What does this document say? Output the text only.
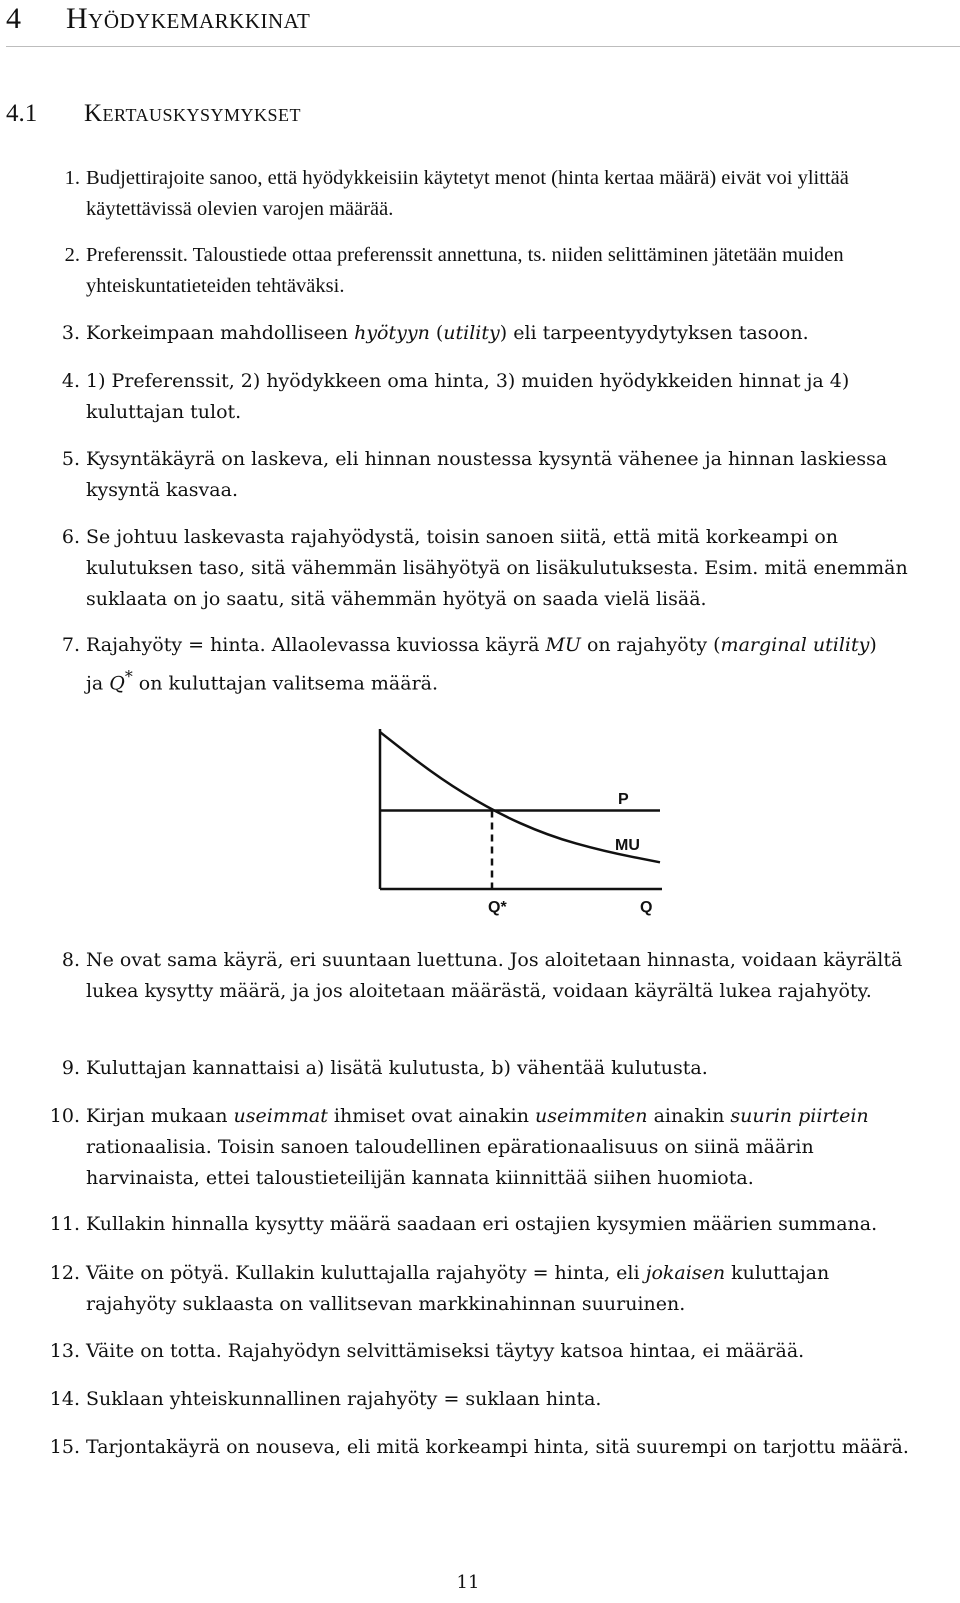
4 Hyödykemarkkinat
4.1 Kertauskysymykset
1. Budjettirajoite sanoo, että hyödykkeisiin käytetyt menot (hinta kertaa määrä) eivät voi ylittää käytettävissä olevien varojen määrää.
2. Preferenssit. Taloustiede ottaa preferenssit annettuna, ts. niiden selittäminen jätetään muiden yhteiskuntatieteiden tehtäväksi.
3. Korkeimpaan mahdolliseen hyötyyn (utility) eli tarpeentyydytyksen tasoon.
4. 1) Preferenssit, 2) hyödykkeen oma hinta, 3) muiden hyödykkeiden hinnat ja 4) kuluttajan tulot.
5. Kysyntäkäyrä on laskeva, eli hinnan noustessa kysyntä vähenee ja hinnan laskiessa kysyntä kasvaa.
6. Se johtuu laskevasta rajahyödystä, toisin sanoen siitä, että mitä korkeampi on kulutuksen taso, sitä vähemmän lisähyötyä on lisäkulutuksesta. Esim. mitä enemmän suklaata on jo saatu, sitä vähemmän hyötyä on saada vielä lisää.
7. Rajahyöty = hinta. Allaolevassa kuviossa käyrä MU on rajahyöty (marginal utility)
ja Q* on kuluttajan valitsema määrä.
P
MU
Q*	Q
8. Ne ovat sama käyrä, eri suuntaan luettuna. Jos aloitetaan hinnasta, voidaan käyrältä lukea kysytty määrä, ja jos aloitetaan määrästä, voidaan käyrältä lukea rajahyöty.
9. Kuluttajan kannattaisi a) lisätä kulutusta, b) vähentää kulutusta.
10. Kirjan mukaan useimmat ihmiset ovat ainakin useimmiten ainakin suurin piirtein rationaalisia. Toisin sanoen taloudellinen epärationaalisuus on siinä määrin harvinaista, ettei taloustieteilijän kannata kiinnittää siihen huomiota.
11. Kullakin hinnalla kysytty määrä saadaan eri ostajien kysymien määrien summana.
12. Väite on pötyä. Kullakin kuluttajalla rajahyöty = hinta, eli jokaisen kuluttajan rajahyöty suklaasta on vallitsevan markkinahinnan suuruinen.
13. Väite on totta. Rajahyödyn selvittämiseksi täytyy katsoa hintaa, ei määrää.
14. Suklaan yhteiskunnallinen rajahyöty = suklaan hinta.
15. Tarjontakäyrä on nouseva, eli mitä korkeampi hinta, sitä suurempi on tarjottu määrä.
11
